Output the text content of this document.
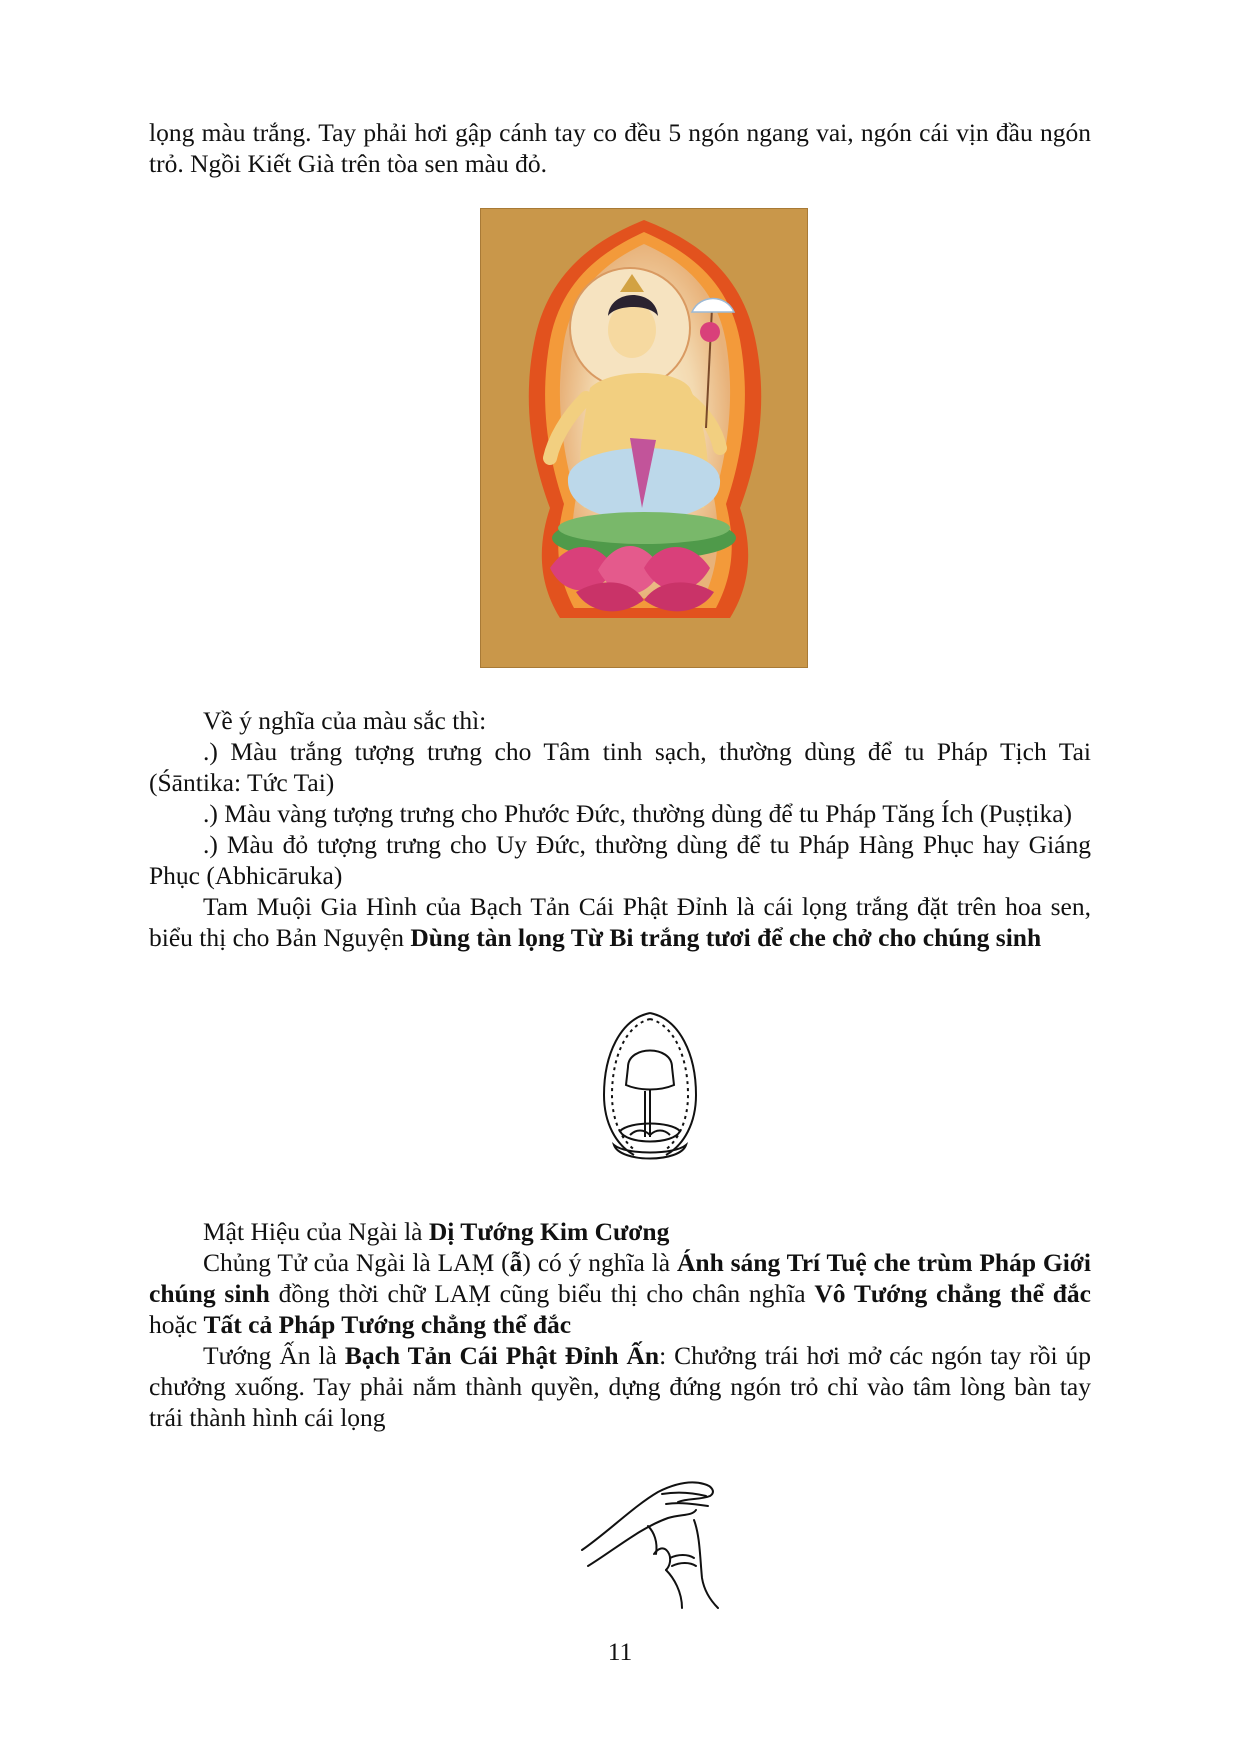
lọng màu trắng. Tay phải hơi gập cánh tay co đều 5 ngón ngang vai, ngón cái vịn đầu ngón trỏ. Ngồi Kiết Già trên tòa sen màu đỏ.

Về ý nghĩa của màu sắc thì:

.) Màu trắng tượng trưng cho Tâm tinh sạch, thường dùng để tu Pháp Tịch Tai (Śāntika: Tức Tai)

.) Màu vàng tượng trưng cho Phước Đức, thường dùng để tu Pháp Tăng Ích (Puṣṭika)

.) Màu đỏ tượng trưng cho Uy Đức, thường dùng để tu Pháp Hàng Phục hay Giáng Phục (Abhicāruka)

Tam Muội Gia Hình của Bạch Tản Cái Phật Đỉnh là cái lọng trắng đặt trên hoa sen, biểu thị cho Bản Nguyện Dùng tàn lọng Từ Bi trắng tươi để che chở cho chúng sinh

Mật Hiệu của Ngài là Dị Tướng Kim Cương

Chủng Tử của Ngài là LAṂ (ẫ) có ý nghĩa là Ánh sáng Trí Tuệ che trùm Pháp Giới chúng sinh đồng thời chữ LAṂ cũng biểu thị cho chân nghĩa Vô Tướng chẳng thể đắc hoặc Tất cả Pháp Tướng chẳng thể đắc

Tướng Ấn là Bạch Tản Cái Phật Đỉnh Ấn: Chưởng trái hơi mở các ngón tay rồi úp chưởng xuống. Tay phải nắm thành quyền, dựng đứng ngón trỏ chỉ vào tâm lòng bàn tay trái thành hình cái lọng

11
